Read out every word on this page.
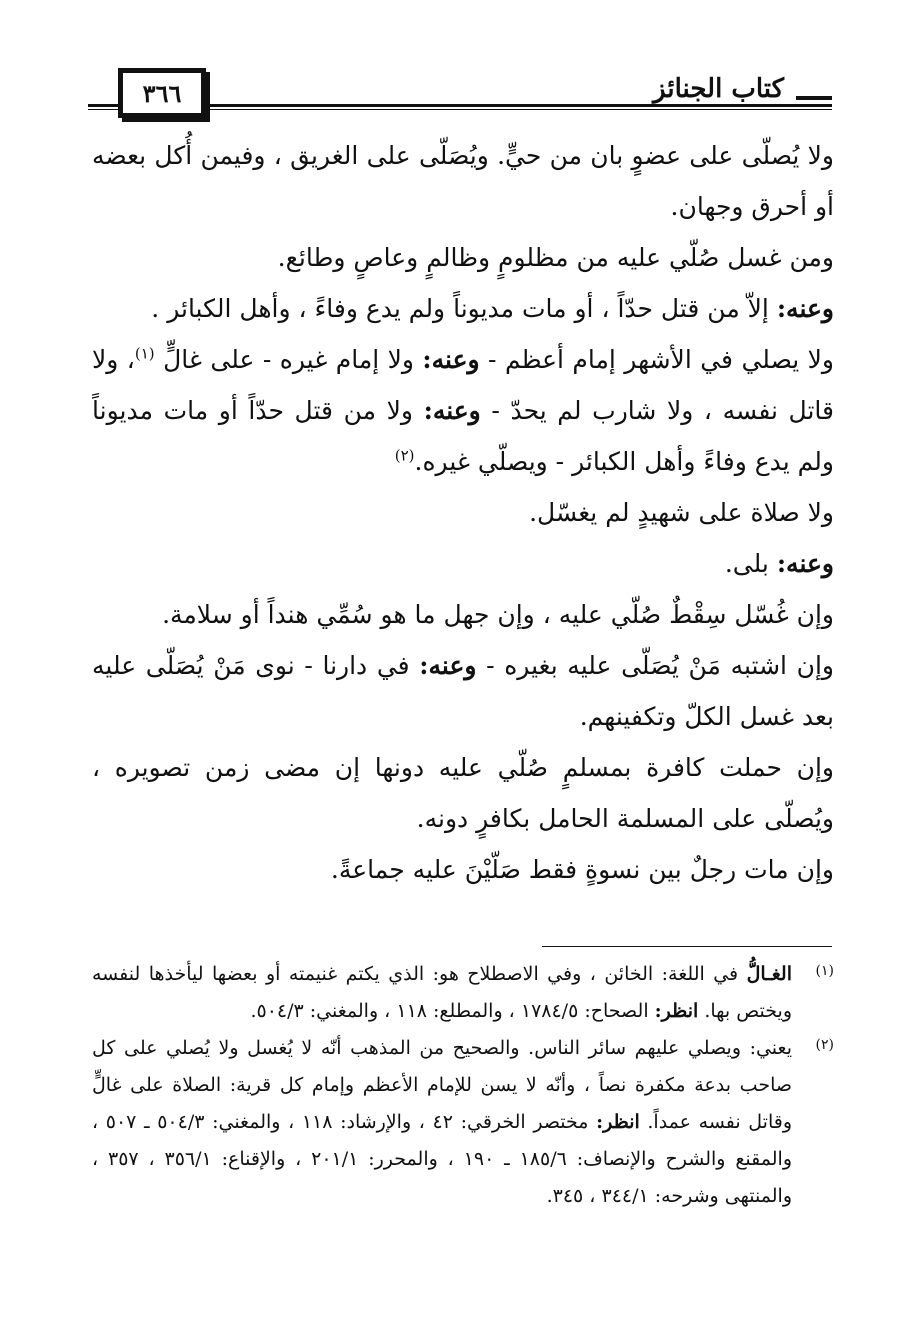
٣٦٦	كتاب الجنائز

ولا يُصلّى على عضوٍ بان من حيٍّ. ويُصَلّى على الغريق ، وفيمن أُكل بعضه أو أحرق وجهان.

ومن غسل صُلّي عليه من مظلومٍ وظالمٍ وعاصٍ وطائع.

وعنه: إلاّ من قتل حدّاً ، أو مات مديوناً ولم يدع وفاءً ، وأهل الكبائر .

ولا يصلي في الأشهر إمام أعظم - وعنه: ولا إمام غيره - على غالٍّ $^{(١)}$، ولا قاتل نفسه ، ولا شارب لم يحدّ - وعنه: ولا من قتل حدّاً أو مات مديوناً ولم يدع وفاءً وأهل الكبائر - ويصلّي غيره.$^{(٢)}$

ولا صلاة على شهيدٍ لم يغسّل.

وعنه: بلى.

وإن غُسّل سِقْطٌ صُلّي عليه ، وإن جهل ما هو سُمِّي هنداً أو سلامة.

وإن اشتبه مَنْ يُصَلّى عليه بغيره - وعنه: في دارنا - نوى مَنْ يُصَلّى عليه بعد غسل الكلّ وتكفينهم.

وإن حملت كافرة بمسلمٍ صُلّي عليه دونها إن مضى زمن تصويره ، ويُصلّى على المسلمة الحامل بكافرٍ دونه.

وإن مات رجلٌ بين نسوةٍ فقط صَلّيْنَ عليه جماعةً.

(١)
الغـالُّ في اللغة: الخائن ، وفي الاصطلاح هو: الذي يكتم غنيمته أو بعضها ليأخذها لنفسه ويختص بها. انظر: الصحاح: ١٧٨٤/٥ ، والمطلع: ١١٨ ، والمغني: ٥٠٤/٣.
(٢)
يعني: ويصلي عليهم سائر الناس. والصحيح من المذهب أنّه لا يُغسل ولا يُصلي على كل صاحب بدعة مكفرة نصاً ، وأنّه لا يسن للإمام الأعظم وإمام كل قرية: الصلاة على غالٍّ وقاتل نفسه عمداً. انظر: مختصر الخرقي: ٤٢ ، والإرشاد: ١١٨ ، والمغني: ٥٠٤/٣ ـ ٥٠٧ ، والمقنع والشرح والإنصاف: ١٨٥/٦ ـ ١٩٠ ، والمحرر: ٢٠١/١ ، والإقناع: ٣٥٦/١ ، ٣٥٧ ، والمنتهى وشرحه: ٣٤٤/١ ، ٣٤٥.
